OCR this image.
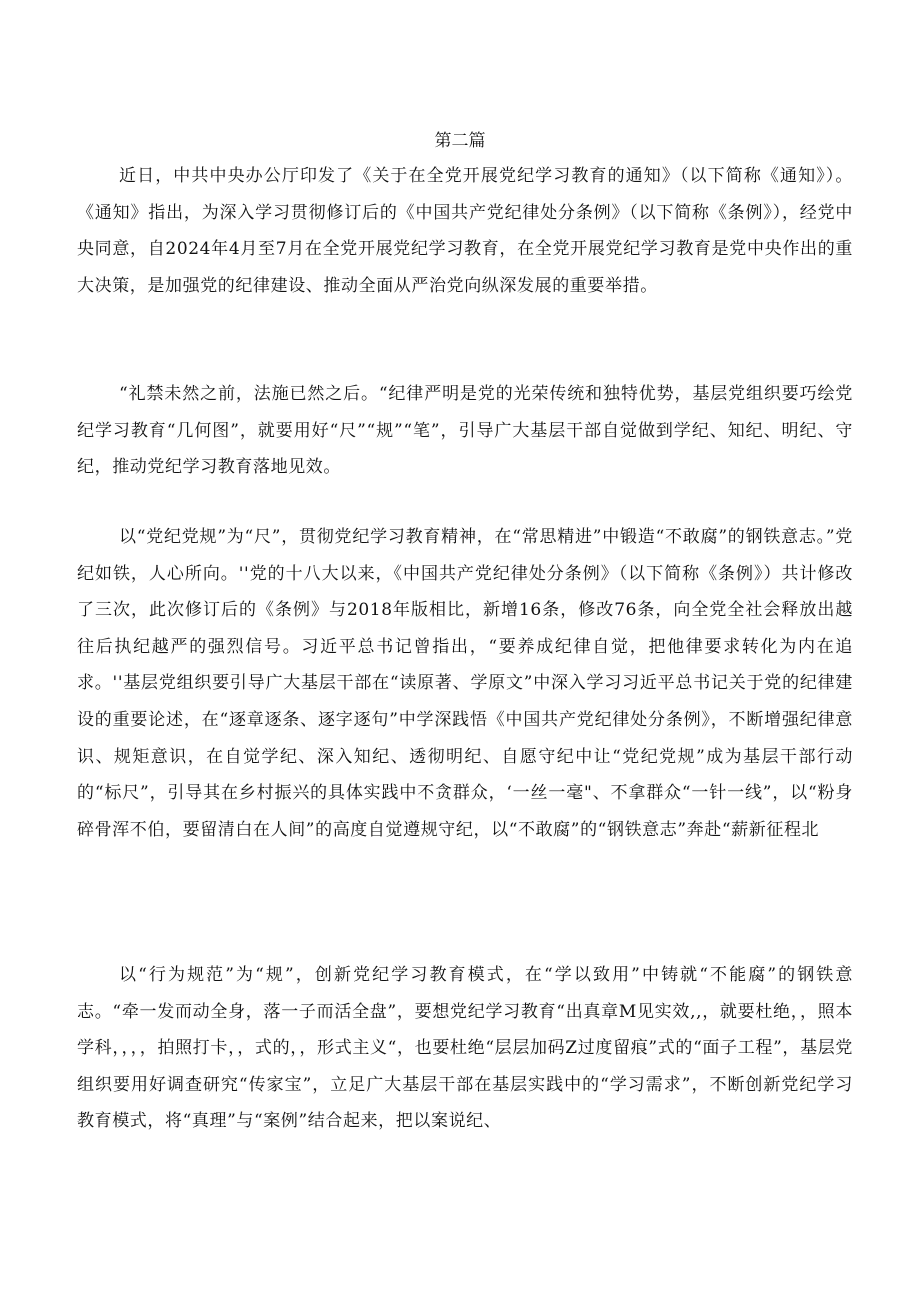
第二篇

近日，中共中央办公厅印发了《关于在全党开展党纪学习教育的通知》（以下简称《通知》）。《通知》指出，为深入学习贯彻修订后的《中国共产党纪律处分条例》（以下简称《条例》），经党中央同意，自2024年4月至7月在全党开展党纪学习教育，在全党开展党纪学习教育是党中央作出的重大决策，是加强党的纪律建设、推动全面从严治党向纵深发展的重要举措。

“礼禁未然之前，法施已然之后。“纪律严明是党的光荣传统和独特优势，基层党组织要巧绘党纪学习教育“几何图”，就要用好“尺”“规”“笔”，引导广大基层干部自觉做到学纪、知纪、明纪、守纪，推动党纪学习教育落地见效。

以“党纪党规”为“尺”，贯彻党纪学习教育精神，在“常思精进”中锻造“不敢腐”的钢铁意志。”党纪如铁，人心所向。''党的十八大以来，《中国共产党纪律处分条例》（以下简称《条例》）共计修改了三次，此次修订后的《条例》与2018年版相比，新增16条，修改76条，向全党全社会释放出越往后执纪越严的强烈信号。习近平总书记曾指出，“要养成纪律自觉，把他律要求转化为内在追求。''基层党组织要引导广大基层干部在“读原著、学原文”中深入学习习近平总书记关于党的纪律建设的重要论述，在“逐章逐条、逐字逐句”中学深践悟《中国共产党纪律处分条例》，不断增强纪律意识、规矩意识，在自觉学纪、深入知纪、透彻明纪、自愿守纪中让“党纪党规”成为基层干部行动的“标尺”，引导其在乡村振兴的具体实践中不贪群众，‘一丝一毫"、不拿群众“一针一线”，以“粉身碎骨浑不伯，要留清白在人间”的高度自觉遵规守纪，以“不敢腐”的“钢铁意志”奔赴“薪新征程北

以“行为规范”为“规”，创新党纪学习教育模式，在“学以致用”中铸就“不能腐”的钢铁意志。“牵一发而动全身，落一子而活全盘”，要想党纪学习教育“出真章M见实效,,，就要杜绝，，照本学科，，，，拍照打卡，，式的，，形式主义“，也要杜绝“层层加码Z过度留痕”式的“面子工程”，基层党组织要用好调查研究“传家宝”，立足广大基层干部在基层实践中的“学习需求”，不断创新党纪学习教育模式，将“真理”与“案例”结合起来，把以案说纪、
